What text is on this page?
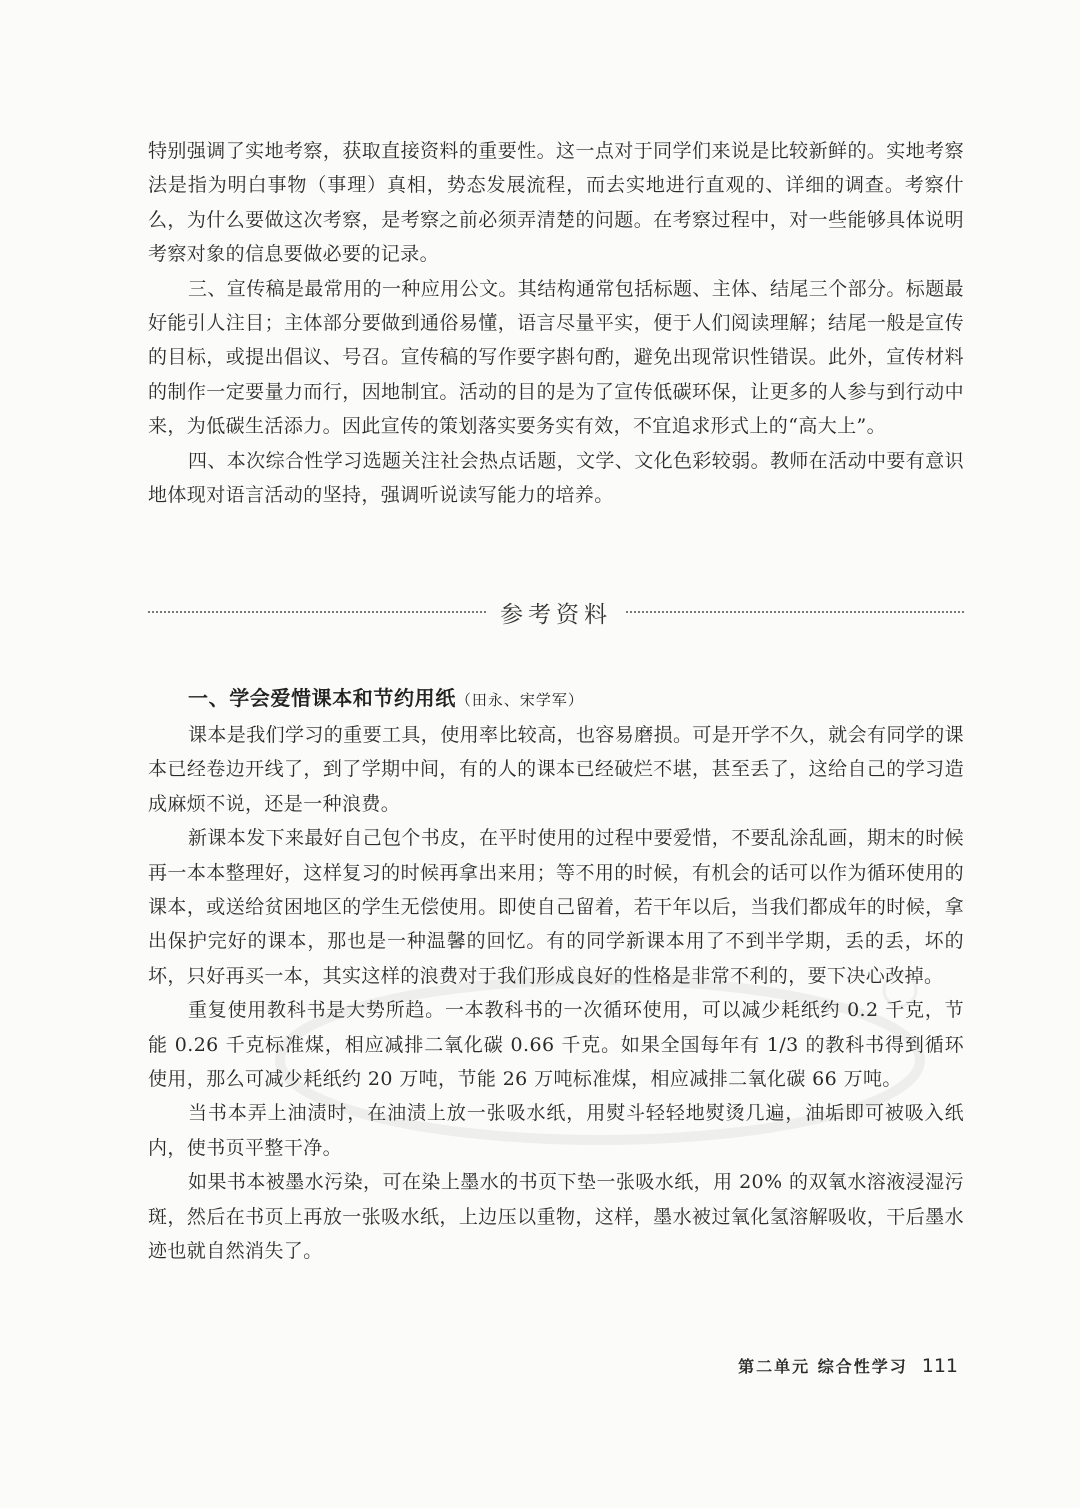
特别强调了实地考察，获取直接资料的重要性。这一点对于同学们来说是比较新鲜的。实地考察法是指为明白事物（事理）真相，势态发展流程，而去实地进行直观的、详细的调查。考察什么，为什么要做这次考察，是考察之前必须弄清楚的问题。在考察过程中，对一些能够具体说明考察对象的信息要做必要的记录。

三、宣传稿是最常用的一种应用公文。其结构通常包括标题、主体、结尾三个部分。标题最好能引人注目；主体部分要做到通俗易懂，语言尽量平实，便于人们阅读理解；结尾一般是宣传的目标，或提出倡议、号召。宣传稿的写作要字斟句酌，避免出现常识性错误。此外，宣传材料的制作一定要量力而行，因地制宜。活动的目的是为了宣传低碳环保，让更多的人参与到行动中来，为低碳生活添力。因此宣传的策划落实要务实有效，不宜追求形式上的“高大上”。

四、本次综合性学习选题关注社会热点话题，文学、文化色彩较弱。教师在活动中要有意识地体现对语言活动的坚持，强调听说读写能力的培养。

参考资料
一、学会爱惜课本和节约用纸（田永、宋学军）

课本是我们学习的重要工具，使用率比较高，也容易磨损。可是开学不久，就会有同学的课本已经卷边开线了，到了学期中间，有的人的课本已经破烂不堪，甚至丢了，这给自己的学习造成麻烦不说，还是一种浪费。

新课本发下来最好自己包个书皮，在平时使用的过程中要爱惜，不要乱涂乱画，期末的时候再一本本整理好，这样复习的时候再拿出来用；等不用的时候，有机会的话可以作为循环使用的课本，或送给贫困地区的学生无偿使用。即使自己留着，若干年以后，当我们都成年的时候，拿出保护完好的课本，那也是一种温馨的回忆。有的同学新课本用了不到半学期，丢的丢，坏的坏，只好再买一本，其实这样的浪费对于我们形成良好的性格是非常不利的，要下决心改掉。

重复使用教科书是大势所趋。一本教科书的一次循环使用，可以减少耗纸约 0.2 千克，节能 0.26 千克标准煤，相应减排二氧化碳 0.66 千克。如果全国每年有 1/3 的教科书得到循环使用，那么可减少耗纸约 20 万吨，节能 26 万吨标准煤，相应减排二氧化碳 66 万吨。

当书本弄上油渍时，在油渍上放一张吸水纸，用熨斗轻轻地熨烫几遍，油垢即可被吸入纸内，使书页平整干净。

如果书本被墨水污染，可在染上墨水的书页下垫一张吸水纸，用 20% 的双氧水溶液浸湿污斑，然后在书页上再放一张吸水纸，上边压以重物，这样，墨水被过氧化氢溶解吸收，干后墨水迹也就自然消失了。

第二单元 综合性学习 111
